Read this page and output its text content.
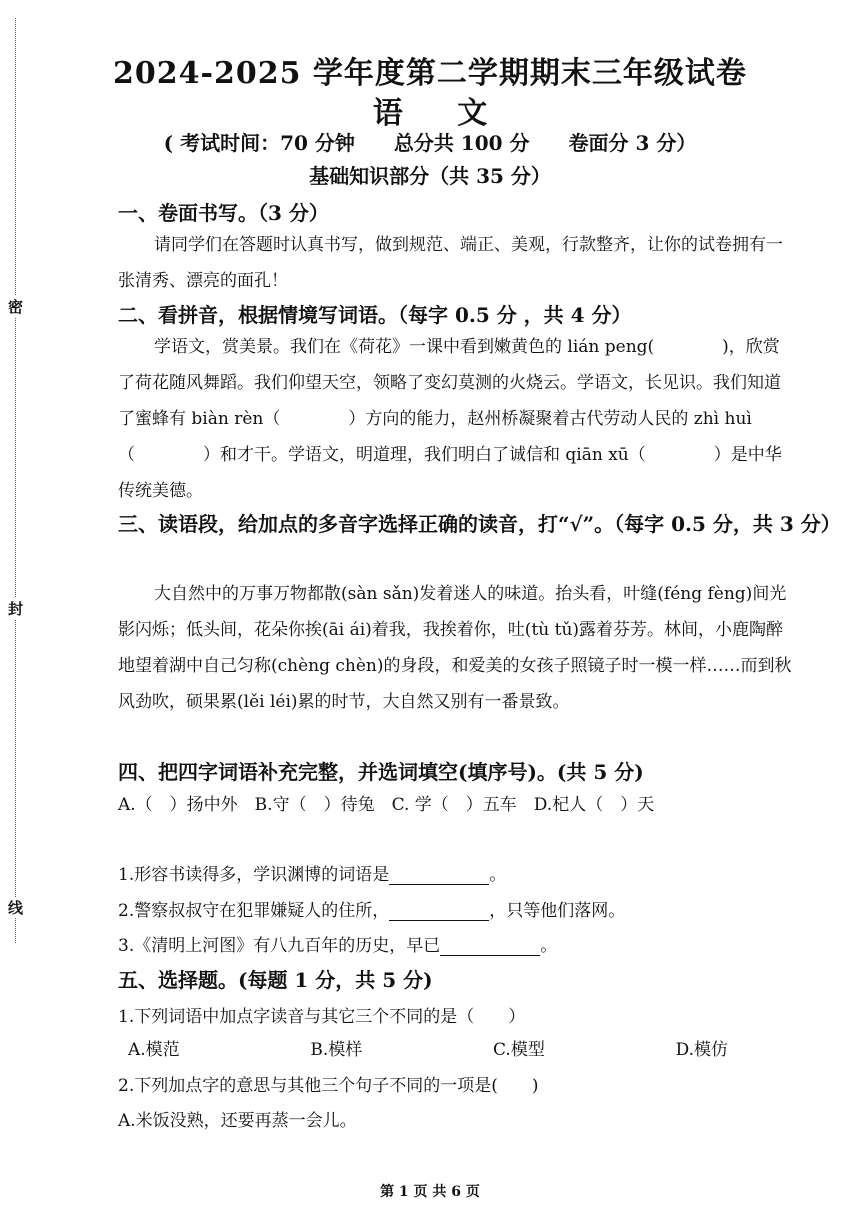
密
封
线
2024-2025 学年度第二学期期末三年级试卷
语 文
( 考试时间：70 分钟 总分共 100 分 卷面分 3 分）
基础知识部分（共 35 分）
一、卷面书写。（3 分）
请同学们在答题时认真书写，做到规范、端正、美观，行款整齐，让你的试卷拥有一张清秀、漂亮的面孔！
二、看拼音，根据情境写词语。（每字 0.5 分 ，共 4 分）
学语文，赏美景。我们在《荷花》一课中看到嫩黄色的 lián peng(　　　　)，欣赏了荷花随风舞蹈。我们仰望天空，领略了变幻莫测的火烧云。学语文，长见识。我们知道了蜜蜂有 biàn rèn（　　　　）方向的能力，赵州桥凝聚着古代劳动人民的 zhì huì（　　　　）和才干。学语文，明道理，我们明白了诚信和 qiān xū（　　　　）是中华传统美德。
三、读语段，给加点的多音字选择正确的读音，打“√”。（每字 0.5 分，共 3 分）
大自然中的万事万物都散(sàn sǎn)发着迷人的味道。抬头看，叶缝(féng fèng)间光影闪烁；低头间，花朵你挨(āi ái)着我，我挨着你，吐(tù tǔ)露着芬芳。林间，小鹿陶醉地望着湖中自己匀称(chèng chèn)的身段，和爱美的女孩子照镜子时一模一样……而到秋风劲吹，硕果累(lěi léi)累的时节，大自然又别有一番景致。
四、把四字词语补充完整，并选词填空(填序号)。(共 5 分)
A.（　）扬中外　B.守（　）待兔　C. 学（　）五车　D.杞人（　）天
1.形容书读得多，学识渊博的词语是	。
2.警察叔叔守在犯罪嫌疑人的住所，	，只等他们落网。
3.《清明上河图》有八九百年的历史，早已	。
五、选择题。(每题 1 分，共 5 分)
1.下列词语中加点字读音与其它三个不同的是（　　）
A.模范	B.模样	C.模型	D.模仿
2.下列加点字的意思与其他三个句子不同的一项是(　　)
A.米饭没熟，还要再蒸一会儿。
第 1 页 共 6 页
